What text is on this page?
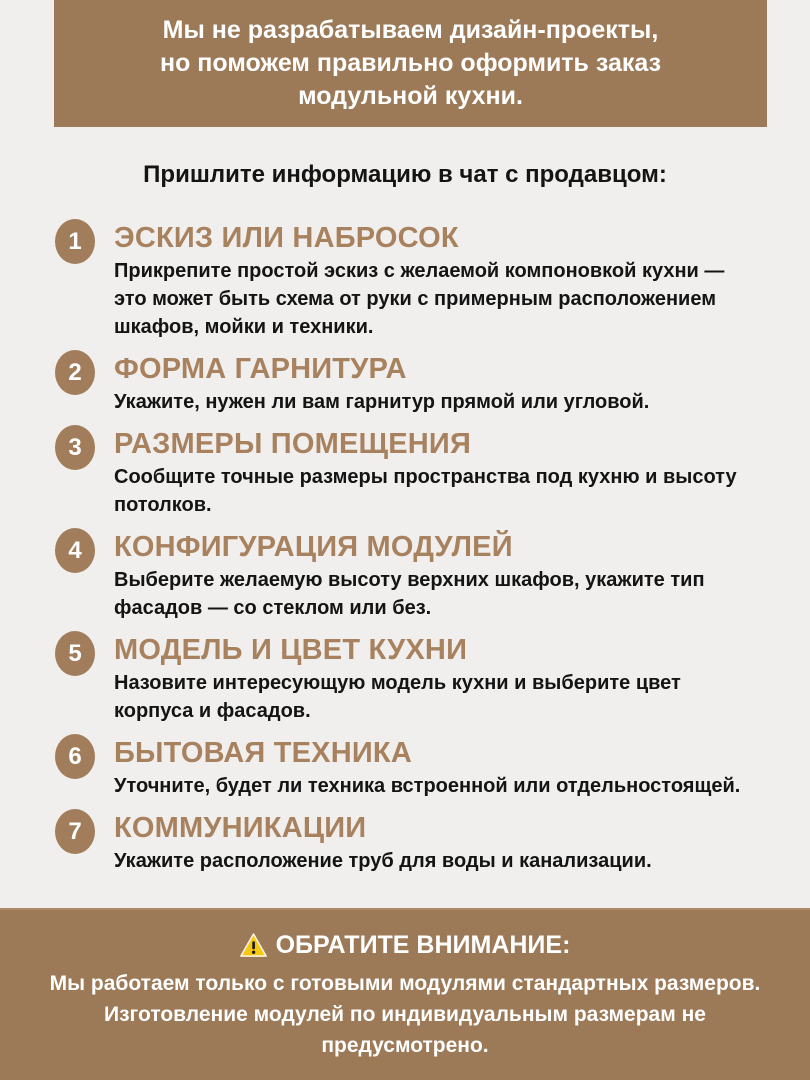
Мы не разрабатываем дизайн-проекты,
но поможем правильно оформить заказ
модульной кухни.
Пришлите информацию в чат с продавцом:
1	ЭСКИЗ ИЛИ НАБРОСОК
Прикрепите простой эскиз с желаемой компоновкой кухни —
это может быть схема от руки с примерным расположением
шкафов, мойки и техники.
2	ФОРМА ГАРНИТУРА
Укажите, нужен ли вам гарнитур прямой или угловой.
3	РАЗМЕРЫ ПОМЕЩЕНИЯ
Сообщите точные размеры пространства под кухню и высоту
потолков.
4	КОНФИГУРАЦИЯ МОДУЛЕЙ
Выберите желаемую высоту верхних шкафов, укажите тип
фасадов — со стеклом или без.
5	МОДЕЛЬ И ЦВЕТ КУХНИ
Назовите интересующую модель кухни и выберите цвет
корпуса и фасадов.
6	БЫТОВАЯ ТЕХНИКА
Уточните, будет ли техника встроенной или отдельностоящей.
7	КОММУНИКАЦИИ
Укажите расположение труб для воды и канализации.
ОБРАТИТЕ ВНИМАНИЕ:
Мы работаем только с готовыми модулями стандартных размеров.
Изготовление модулей по индивидуальным размерам не
предусмотрено.
